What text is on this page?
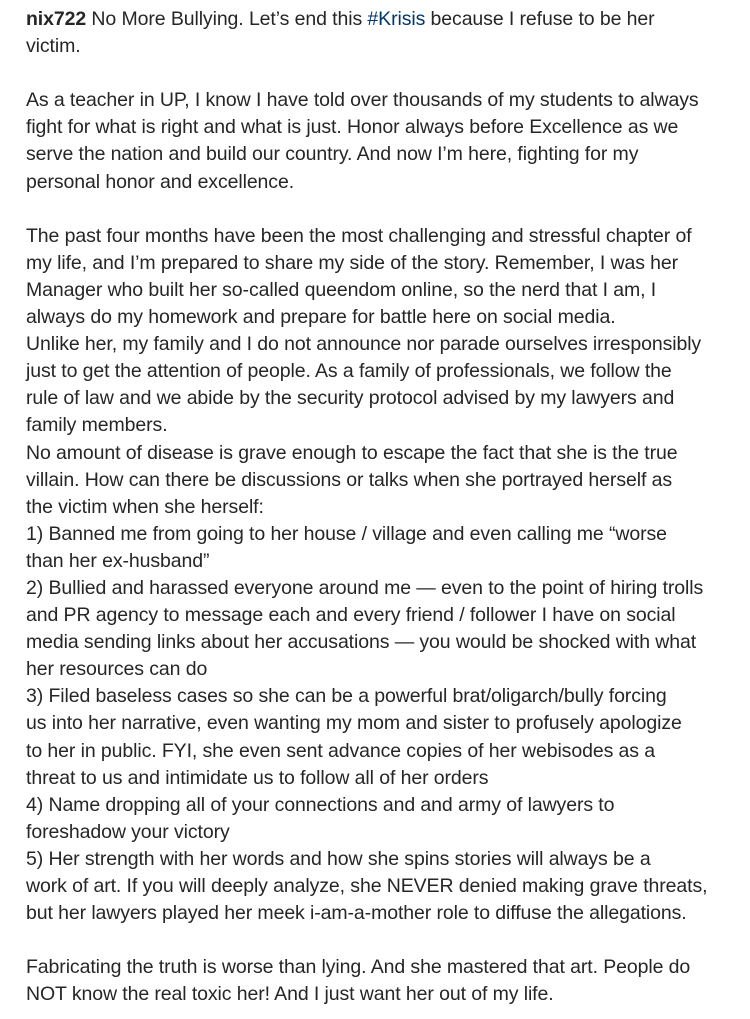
nix722 No More Bullying. Let’s end this #Krisis because I refuse to be her
victim.
As a teacher in UP, I know I have told over thousands of my students to always
fight for what is right and what is just. Honor always before Excellence as we
serve the nation and build our country. And now I’m here, fighting for my
personal honor and excellence.
The past four months have been the most challenging and stressful chapter of
my life, and I’m prepared to share my side of the story. Remember, I was her
Manager who built her so-called queendom online, so the nerd that I am, I
always do my homework and prepare for battle here on social media.
Unlike her, my family and I do not announce nor parade ourselves irresponsibly
just to get the attention of people. As a family of professionals, we follow the
rule of law and we abide by the security protocol advised by my lawyers and
family members.
No amount of disease is grave enough to escape the fact that she is the true
villain. How can there be discussions or talks when she portrayed herself as
the victim when she herself:
1) Banned me from going to her house / village and even calling me “worse
than her ex-husband”
2) Bullied and harassed everyone around me — even to the point of hiring trolls
and PR agency to message each and every friend / follower I have on social
media sending links about her accusations — you would be shocked with what
her resources can do
3) Filed baseless cases so she can be a powerful brat/oligarch/bully forcing
us into her narrative, even wanting my mom and sister to profusely apologize
to her in public. FYI, she even sent advance copies of her webisodes as a
threat to us and intimidate us to follow all of her orders
4) Name dropping all of your connections and and army of lawyers to
foreshadow your victory
5) Her strength with her words and how she spins stories will always be a
work of art. If you will deeply analyze, she NEVER denied making grave threats,
but her lawyers played her meek i-am-a-mother role to diffuse the allegations.
Fabricating the truth is worse than lying. And she mastered that art. People do
NOT know the real toxic her! And I just want her out of my life.
